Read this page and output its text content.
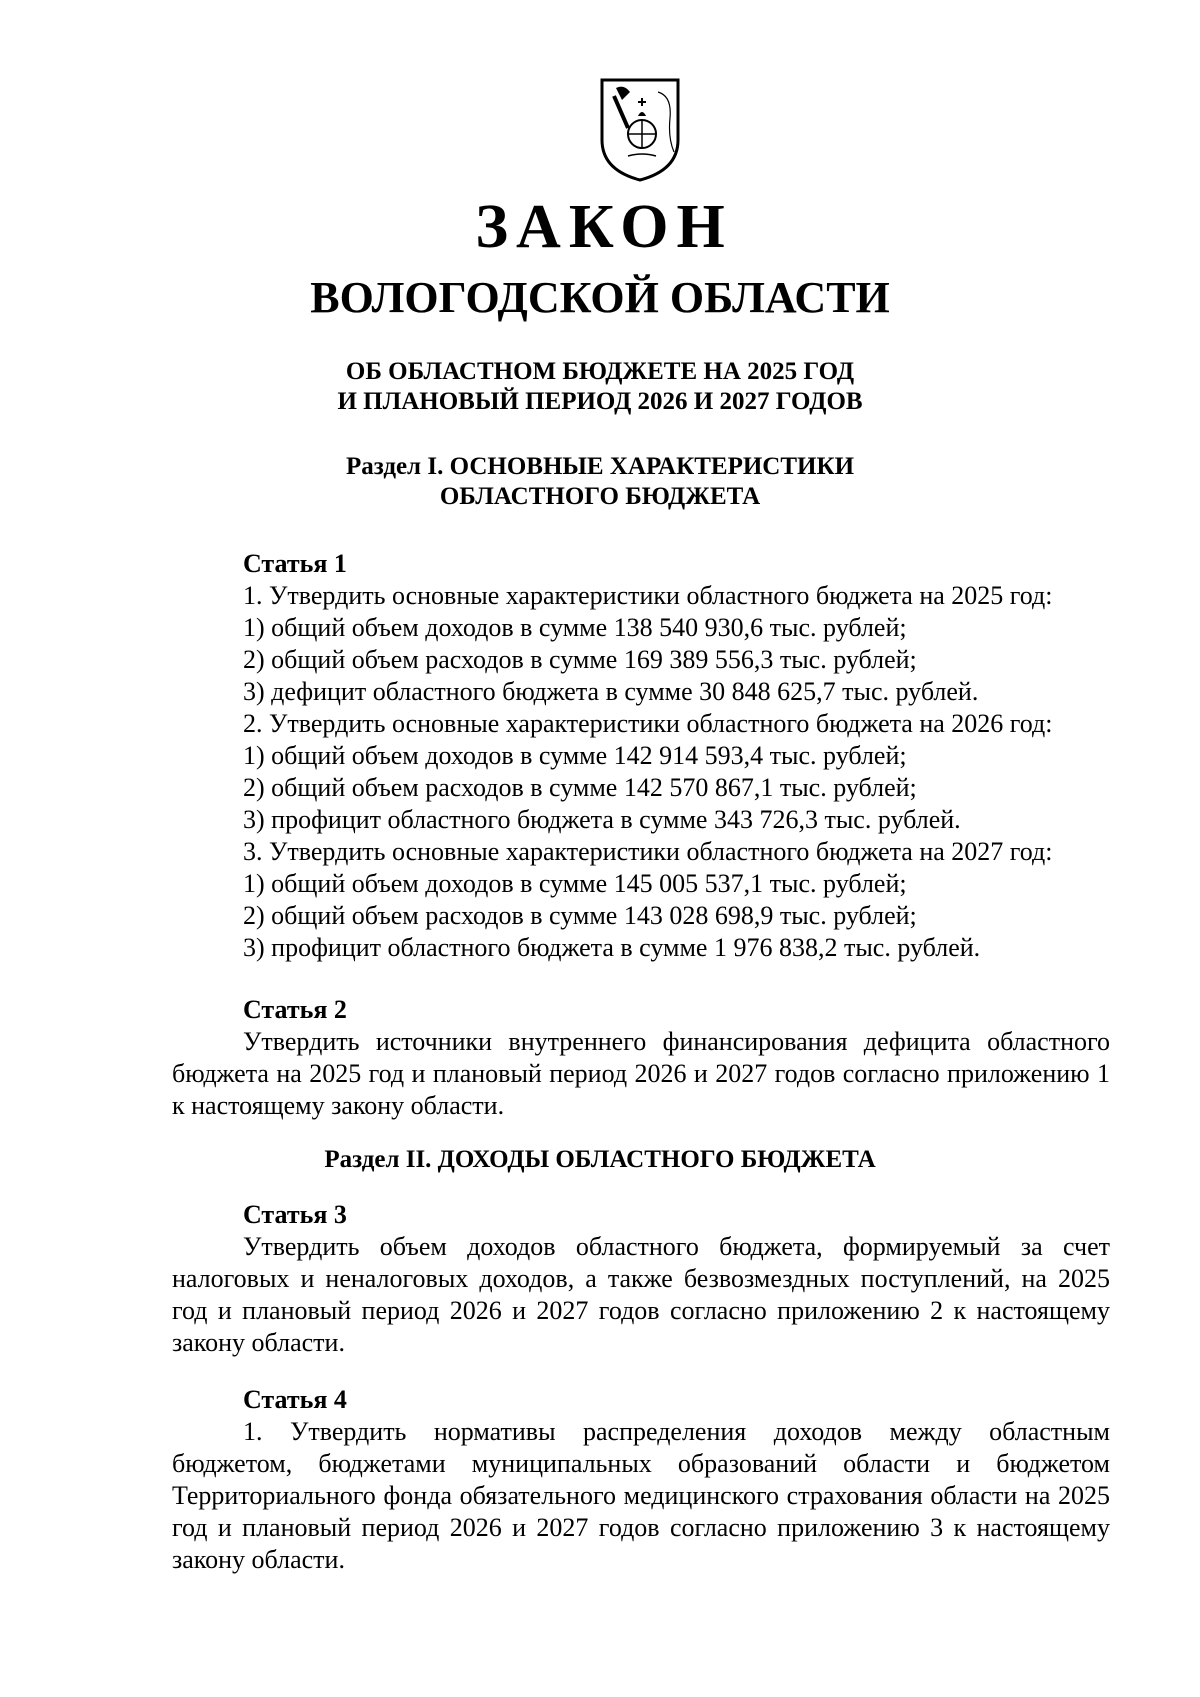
ЗАКОН
ВОЛОГОДСКОЙ ОБЛАСТИ
ОБ ОБЛАСТНОМ БЮДЖЕТЕ НА 2025 ГОД
И ПЛАНОВЫЙ ПЕРИОД 2026 И 2027 ГОДОВ
Раздел I. ОСНОВНЫЕ ХАРАКТЕРИСТИКИ
ОБЛАСТНОГО БЮДЖЕТА
Статья 1
1. Утвердить основные характеристики областного бюджета на 2025 год:
1) общий объем доходов в сумме 138 540 930,6 тыс. рублей;
2) общий объем расходов в сумме 169 389 556,3 тыс. рублей;
3) дефицит областного бюджета в сумме 30 848 625,7 тыс. рублей.
2. Утвердить основные характеристики областного бюджета на 2026 год:
1) общий объем доходов в сумме 142 914 593,4 тыс. рублей;
2) общий объем расходов в сумме 142 570 867,1 тыс. рублей;
3) профицит областного бюджета в сумме 343 726,3 тыс. рублей.
3. Утвердить основные характеристики областного бюджета на 2027 год:
1) общий объем доходов в сумме 145 005 537,1 тыс. рублей;
2) общий объем расходов в сумме 143 028 698,9 тыс. рублей;
3) профицит областного бюджета в сумме 1 976 838,2 тыс. рублей.
Статья 2
Утвердить источники внутреннего финансирования дефицита областного бюджета на 2025 год и плановый период 2026 и 2027 годов согласно приложению 1 к настоящему закону области.
Раздел II. ДОХОДЫ ОБЛАСТНОГО БЮДЖЕТА
Статья 3
Утвердить объем доходов областного бюджета, формируемый за счет налоговых и неналоговых доходов, а также безвозмездных поступлений, на 2025 год и плановый период 2026 и 2027 годов согласно приложению 2 к настоящему закону области.
Статья 4
1. Утвердить нормативы распределения доходов между областным бюджетом, бюджетами муниципальных образований области и бюджетом Территориального фонда обязательного медицинского страхования области на 2025 год и плановый период 2026 и 2027 годов согласно приложению 3 к настоящему закону области.
